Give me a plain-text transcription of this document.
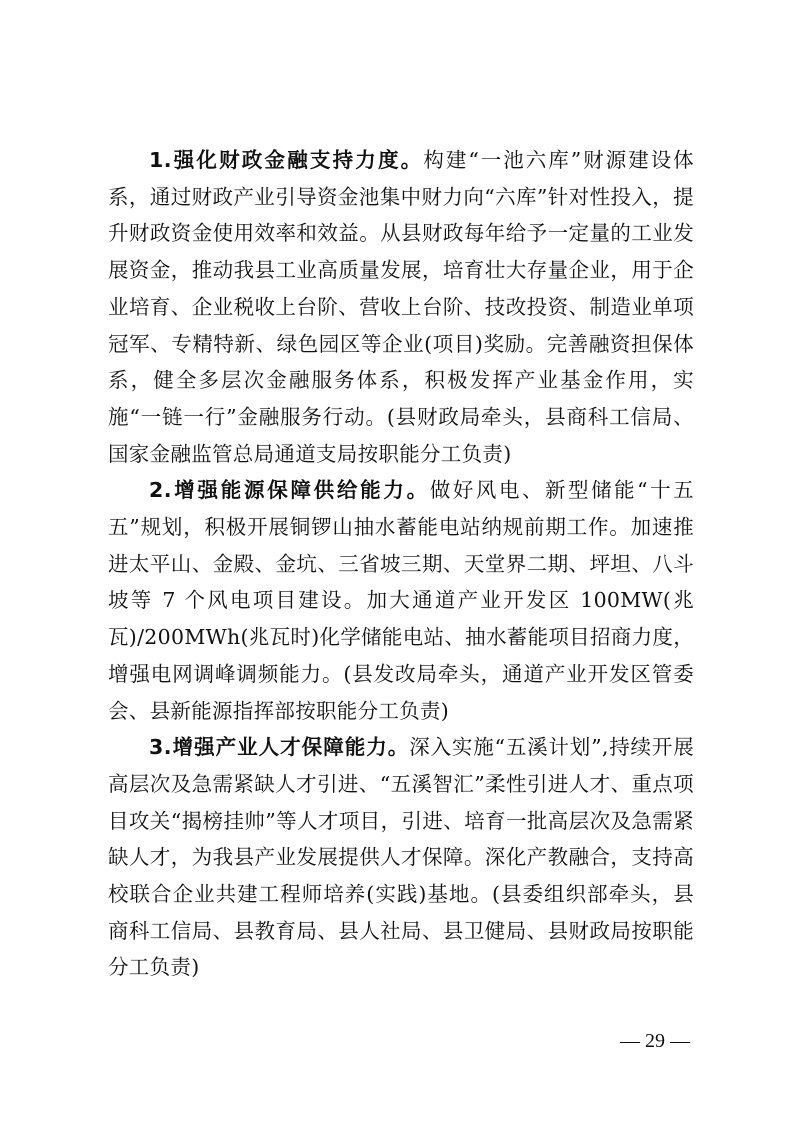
1.强化财政金融支持力度。构建“一池六库”财源建设体系，通过财政产业引导资金池集中财力向“六库”针对性投入，提升财政资金使用效率和效益。从县财政每年给予一定量的工业发展资金，推动我县工业高质量发展，培育壮大存量企业，用于企业培育、企业税收上台阶、营收上台阶、技改投资、制造业单项冠军、专精特新、绿色园区等企业(项目)奖励。完善融资担保体系，健全多层次金融服务体系，积极发挥产业基金作用，实施“一链一行”金融服务行动。(县财政局牵头，县商科工信局、国家金融监管总局通道支局按职能分工负责)

2.增强能源保障供给能力。做好风电、新型储能“十五五”规划，积极开展铜锣山抽水蓄能电站纳规前期工作。加速推进太平山、金殿、金坑、三省坡三期、天堂界二期、坪坦、八斗坡等 7 个风电项目建设。加大通道产业开发区 100MW(兆瓦)/200MWh(兆瓦时)化学储能电站、抽水蓄能项目招商力度，增强电网调峰调频能力。(县发改局牵头，通道产业开发区管委会、县新能源指挥部按职能分工负责)

3.增强产业人才保障能力。深入实施“五溪计划”,持续开展高层次及急需紧缺人才引进、“五溪智汇”柔性引进人才、重点项目攻关“揭榜挂帅”等人才项目，引进、培育一批高层次及急需紧缺人才，为我县产业发展提供人才保障。深化产教融合，支持高校联合企业共建工程师培养(实践)基地。(县委组织部牵头，县商科工信局、县教育局、县人社局、县卫健局、县财政局按职能分工负责)

— 29 —
